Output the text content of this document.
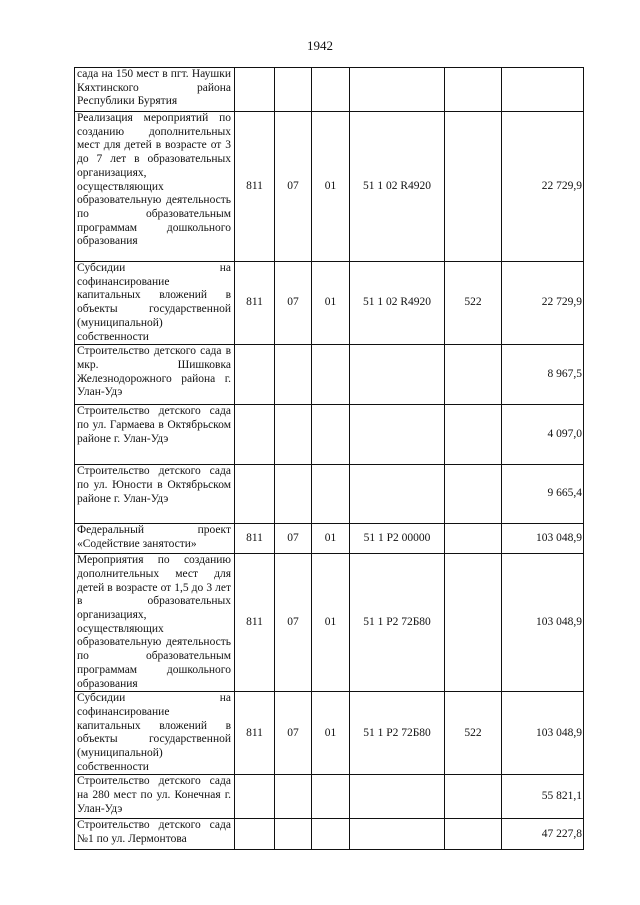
1942
сада на 150 мест в пгт. Наушки Кяхтинского района Республики Бурятия						
Реализация мероприятий по созданию дополнительных мест для детей в возрасте от 3 до 7 лет в образовательных организациях, осуществляющих образовательную деятельность по образовательным программам дошкольного образования	811	07	01	51 1 02 R4920		22 729,9
Субсидии на софинансирование капитальных вложений в объекты государственной (муниципальной) собственности	811	07	01	51 1 02 R4920	522	22 729,9
Строительство детского сада в мкр. Шишковка Железнодорожного района г. Улан-Удэ						8 967,5
Строительство детского сада по ул. Гармаева в Октябрьском районе г. Улан-Удэ						4 097,0
Строительство детского сада по ул. Юности в Октябрьском районе г. Улан-Удэ						9 665,4
Федеральный проект «Содействие занятости»	811	07	01	51 1 P2 00000		103 048,9
Мероприятия по созданию дополнительных мест для детей в возрасте от 1,5 до 3 лет в образовательных организациях, осуществляющих образовательную деятельность по образовательным программам дошкольного образования	811	07	01	51 1 P2 72Б80		103 048,9
Субсидии на софинансирование капитальных вложений в объекты государственной (муниципальной) собственности	811	07	01	51 1 P2 72Б80	522	103 048,9
Строительство детского сада на 280 мест по ул. Конечная г. Улан-Удэ						55 821,1
Строительство детского сада №1 по ул. Лермонтова						47 227,8
